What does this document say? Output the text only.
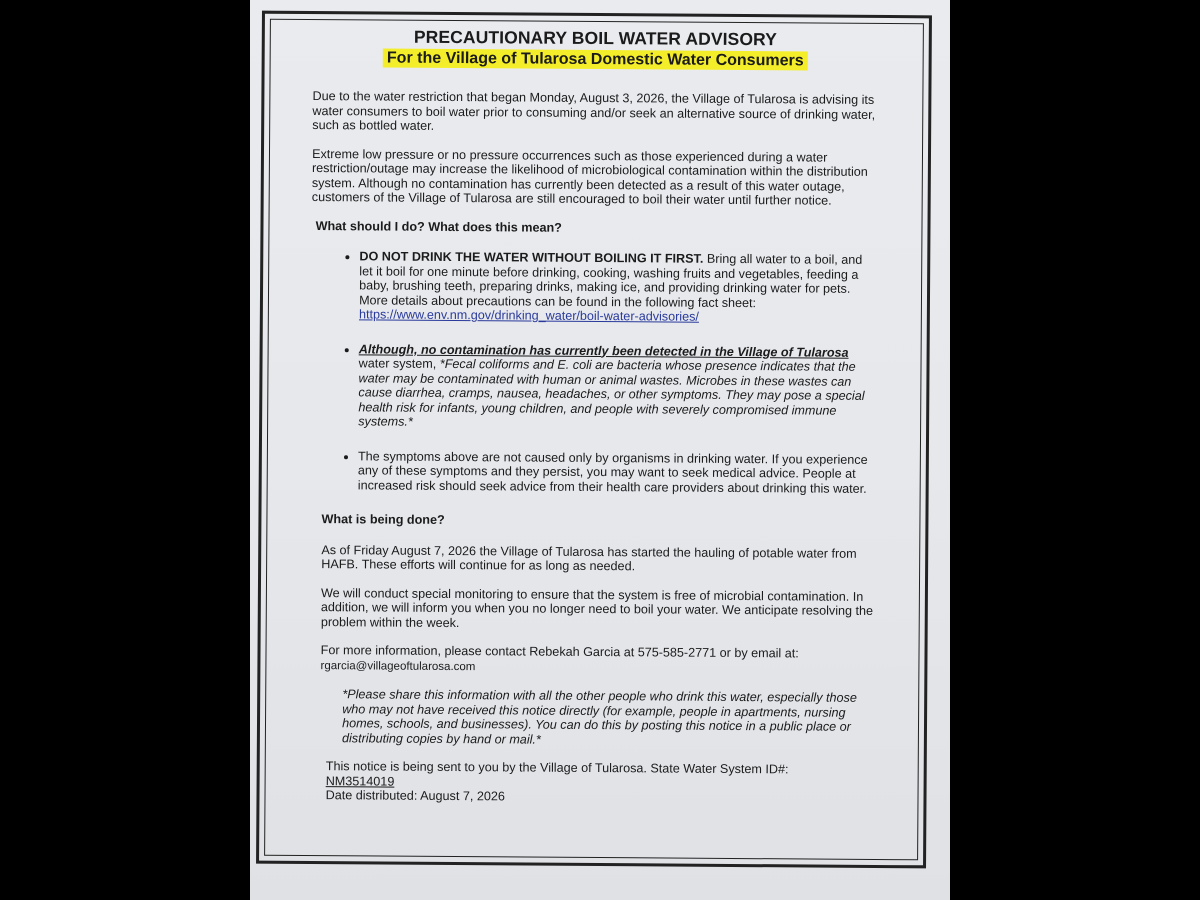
PRECAUTIONARY BOIL WATER ADVISORY
For the Village of Tularosa Domestic Water Consumers

Due to the water restriction that began Monday, August 3, 2026, the Village of Tularosa is advising its water consumers to boil water prior to consuming and/or seek an alternative source of drinking water, such as bottled water.

Extreme low pressure or no pressure occurrences such as those experienced during a water restriction/outage may increase the likelihood of microbiological contamination within the distribution system. Although no contamination has currently been detected as a result of this water outage, customers of the Village of Tularosa are still encouraged to boil their water until further notice.

What should I do? What does this mean?
• DO NOT DRINK THE WATER WITHOUT BOILING IT FIRST. Bring all water to a boil, and let it boil for one minute before drinking, cooking, washing fruits and vegetables, feeding a baby, brushing teeth, preparing drinks, making ice, and providing drinking water for pets. More details about precautions can be found in the following fact sheet: https://www.env.nm.gov/drinking_water/boil-water-advisories/
• Although, no contamination has currently been detected in the Village of Tularosa water system, *Fecal coliforms and E. coli are bacteria whose presence indicates that the water may be contaminated with human or animal wastes. Microbes in these wastes can cause diarrhea, cramps, nausea, headaches, or other symptoms. They may pose a special health risk for infants, young children, and people with severely compromised immune systems.*
• The symptoms above are not caused only by organisms in drinking water. If you experience any of these symptoms and they persist, you may want to seek medical advice. People at increased risk should seek advice from their health care providers about drinking this water.
What is being done?

As of Friday August 7, 2026 the Village of Tularosa has started the hauling of potable water from HAFB. These efforts will continue for as long as needed.

We will conduct special monitoring to ensure that the system is free of microbial contamination. In addition, we will inform you when you no longer need to boil your water. We anticipate resolving the problem within the week.

For more information, please contact Rebekah Garcia at 575-585-2771 or by email at:
rgarcia@villageoftularosa.com

*Please share this information with all the other people who drink this water, especially those who may not have received this notice directly (for example, people in apartments, nursing homes, schools, and businesses). You can do this by posting this notice in a public place or distributing copies by hand or mail.*

This notice is being sent to you by the Village of Tularosa. State Water System ID#:
NM3514019
Date distributed: August 7, 2026
